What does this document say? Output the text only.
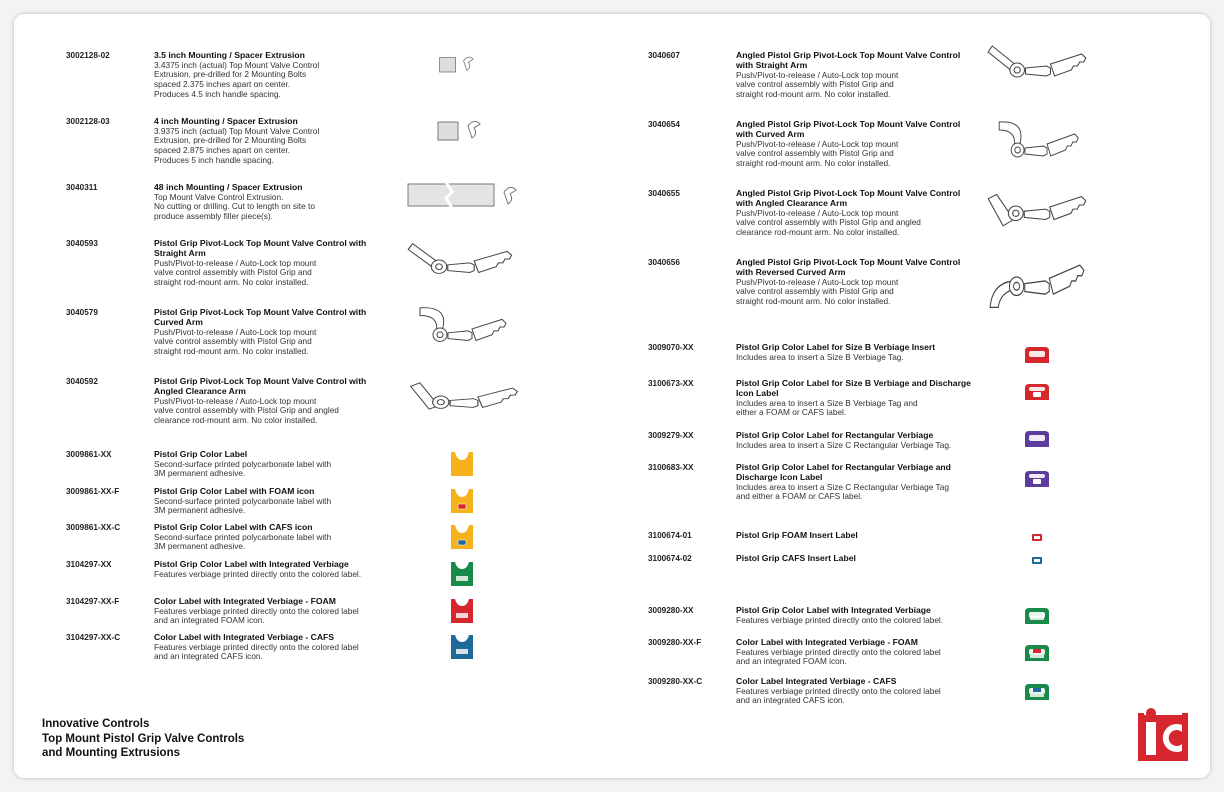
3002128-02	3.5 inch Mounting / Spacer Extrusion
3.4375 inch (actual) Top Mount Valve Control
Extrusion, pre-drilled for 2 Mounting Bolts
spaced 2.375 inches apart on center.
Produces 4.5 inch handle spacing.
3002128-03	4 inch Mounting / Spacer Extrusion
3.9375 inch (actual) Top Mount Valve Control
Extrusion, pre-drilled for 2 Mounting Bolts
spaced 2.875 inches apart on center.
Produces 5 inch handle spacing.
3040311	48 inch Mounting / Spacer Extrusion
Top Mount Valve Control Extrusion.
No cutting or drilling. Cut to length on site to
produce assembly filler piece(s).
3040593	Pistol Grip Pivot-Lock Top Mount Valve Control with Straight Arm
Push/Pivot-to-release / Auto-Lock top mount
valve control assembly with Pistol Grip and
straight rod-mount arm. No color installed.
3040579	Pistol Grip Pivot-Lock Top Mount Valve Control with Curved Arm
Push/Pivot-to-release / Auto-Lock top mount
valve control assembly with Pistol Grip and
straight rod-mount arm. No color installed.
3040592	Pistol Grip Pivot-Lock Top Mount Valve Control with Angled Clearance Arm
Push/Pivot-to-release / Auto-Lock top mount
valve control assembly with Pistol Grip and angled
clearance rod-mount arm. No color installed.
3009861-XX	Pistol Grip Color Label
Second-surface printed polycarbonate label with
3M permanent adhesive.
3009861-XX-F	Pistol Grip Color Label with FOAM icon
Second-surface printed polycarbonate label with
3M permanent adhesive.
3009861-XX-C	Pistol Grip Color Label with CAFS icon
Second-surface printed polycarbonate label with
3M permanent adhesive.
3104297-XX	Pistol Grip Color Label with Integrated Verbiage
Features verbiage printed directly onto the colored label.
3104297-XX-F	Color Label with Integrated Verbiage - FOAM
Features verbiage printed directly onto the colored label
and an integrated FOAM icon.
3104297-XX-C	Color Label with Integrated Verbiage - CAFS
Features verbiage printed directly onto the colored label
and an integrated CAFS icon.
3040607	Angled Pistol Grip Pivot-Lock Top Mount Valve Control with Straight Arm
Push/Pivot-to-release / Auto-Lock top mount
valve control assembly with Pistol Grip and
straight rod-mount arm. No color installed.
3040654	Angled Pistol Grip Pivot-Lock Top Mount Valve Control with Curved Arm
Push/Pivot-to-release / Auto-Lock top mount
valve control assembly with Pistol Grip and
straight rod-mount arm. No color installed.
3040655	Angled Pistol Grip Pivot-Lock Top Mount Valve Control with Angled Clearance Arm
Push/Pivot-to-release / Auto-Lock top mount
valve control assembly with Pistol Grip and angled
clearance rod-mount arm. No color installed.
3040656	Angled Pistol Grip Pivot-Lock Top Mount Valve Control with Reversed Curved Arm
Push/Pivot-to-release / Auto-Lock top mount
valve control assembly with Pistol Grip and
straight rod-mount arm. No color installed.
3009070-XX	Pistol Grip Color Label for Size B Verbiage Insert
Includes area to insert a Size B Verbiage Tag.
3100673-XX	Pistol Grip Color Label for Size B Verbiage and Discharge Icon Label
Includes area to insert a Size B Verbiage Tag and
either a FOAM or CAFS label.
3009279-XX	Pistol Grip Color Label for Rectangular Verbiage
Includes area to insert a Size C Rectangular Verbiage Tag.
3100683-XX	Pistol Grip Color Label for Rectangular Verbiage and Discharge Icon Label
Includes area to insert a Size C Rectangular Verbiage Tag
and either a FOAM or CAFS label.
3100674-01	Pistol Grip FOAM Insert Label
3100674-02	Pistol Grip CAFS Insert Label
3009280-XX	Pistol Grip Color Label with Integrated Verbiage
Features verbiage printed directly onto the colored label.
3009280-XX-F	Color Label with Integrated Verbiage - FOAM
Features verbiage printed directly onto the colored label
and an integrated FOAM icon.
3009280-XX-C	Color Label Integrated Verbiage - CAFS
Features verbiage printed directly onto the colored label
and an integrated CAFS icon.
Innovative Controls
Top Mount Pistol Grip Valve Controls
and Mounting Extrusions
